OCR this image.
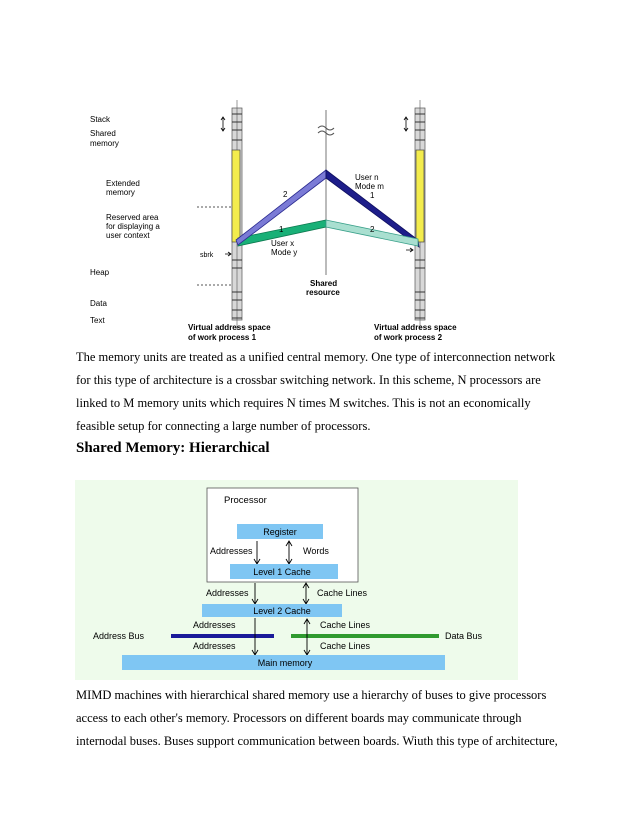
Stack
Shared
memory
Extended
memory
Reserved area
for displaying a
user context
sbrk
Heap
Data
Text
User n
Mode m
1
User x
Mode y
2
1	2
Shared
resource
Virtual address space
of work process 1
Virtual address space
of work process 2

The memory units are treated as a unified central memory. One type of interconnection network for this type of architecture is a crossbar switching network. In this scheme, N processors are linked to M memory units which requires N times M switches. This is not an economically feasible setup for connecting a large number of processors.

Shared Memory: Hierarchical
Processor
Register
Addresses	Words
Level 1 Cache
Addresses	Cache Lines
Level 2 Cache
Addresses	Cache Lines
Address Bus	Data Bus
Addresses	Cache Lines
Main memory

MIMD machines with hierarchical shared memory use a hierarchy of buses to give processors access to each other's memory. Processors on different boards may communicate through internodal buses. Buses support communication between boards. Wiuth this type of architecture,
